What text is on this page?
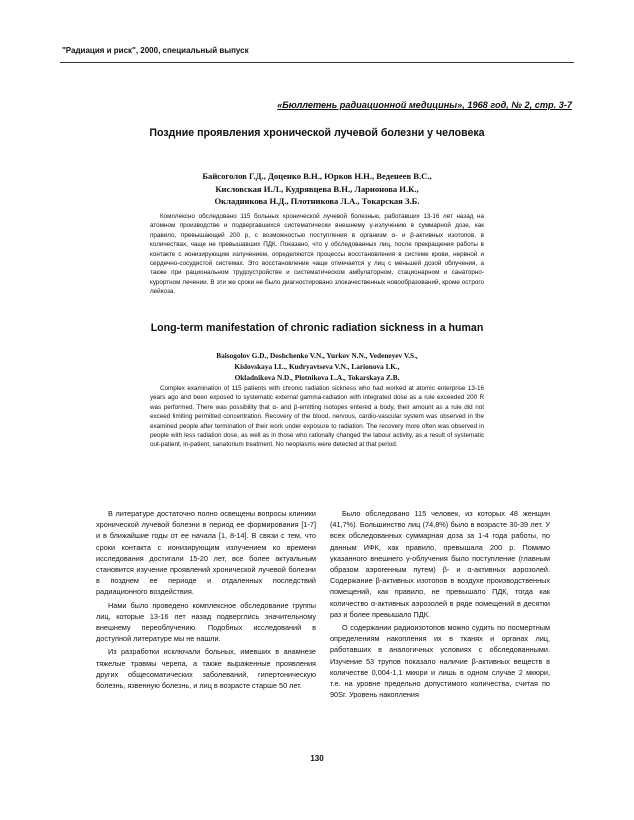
"Радиация и риск", 2000, специальный выпуск
«Бюллетень радиационной медицины», 1968 год, № 2, стр. 3-7
Поздние проявления хронической лучевой болезни у человека
Байсоголов Г.Д., Доценко В.Н., Юрков Н.Н., Веденеев В.С.,
Кисловская И.Л., Кудрявцева В.Н., Ларионова И.К.,
Окладникова Н.Д., Плотникова Л.А., Токарская З.Б.
Комплексно обследовано 115 больных хронической лучевой болезнью, работавших 13-16 лет назад на атомном производстве и подвергавшихся систематически внешнему γ-излучению в суммарной дозе, как правило, превышающей 200 р, с возможностью поступления в организм α- и β-активных изотопов, в количествах, чаще не превышавших ПДК. Показано, что у обследованных лиц, после прекращения работы в контакте с ионизирующим излучением, определяются процессы восстановления в системе крови, нервной и сердечно-сосудистой системах. Это восстановление чаще отмечается у лиц с меньшей дозой облучения, а также при рациональном трудоустройстве и систематическом амбулаторном, стационарном и санаторно-курортном лечении. В эти же сроки не было диагностировано злокачественных новообразований, кроме острого лейкоза.
Long-term manifestation of chronic radiation sickness in a human
Baisogolov G.D., Doshchenko V.N., Yurkov N.N., Vedeneyev V.S.,
Kislovskaya I.L., Kudryavtseva V.N., Larionova I.K.,
Okladnikova N.D., Plotnikova L.A., Tokarskaya Z.B.
Complex examination of 115 patients with chronic radiation sickness who had worked at atomic enterprise 13-16 years ago and been exposed to systematic external gamma-radiation with integrated dose as a rule exceeded 200 R was performed. There was possibility that α- and β-emitting isotopes entered a body, their amount as a rule did not exceed limiting permitted concentration. Recovery of the blood, nervous, cardio-vascular system was observed in the examined people after termination of their work under exposure to radiation. The recovery more often was observed in people with less radiation dose, as well as in those who rationally changed the labour activity, as a result of systematic out-patient, in-patient, sanatorium treatment. No neoplasms were detected at that period.

В литературе достаточно полно освещены вопросы клиники хронической лучевой болезни в период ее формирования [1-7] и в ближайшие годы от ее начала [1, 8-14]. В связи с тем, что сроки контакта с ионизирующим излучением ко времени исследования достигали 15-20 лет, все более актуальным становится изучение проявлений хронической лучевой болезни в позднем ее периоде и отдаленных последствий радиационного воздействия.

Нами было проведено комплексное обследование группы лиц, которые 13-16 лет назад подверглись значительному внешнему переоблучению. Подобных исследований в доступной литературе мы не нашли.

Из разработки исключали больных, имевших в анамнезе тяжелые травмы черепа, а также выраженные проявления других общесоматических заболеваний, гипертоническую болезнь, язвенную болезнь, и лиц в возрасте старше 50 лет.

Было обследовано 115 человек, из которых 48 женщин (41,7%). Большинство лиц (74,8%) было в возрасте 30-39 лет. У всех обследованных суммарная доза за 1-4 года работы, по данным ИФК, как правило, превышала 200 р. Помимо указанного внешнего γ-облучения было поступление (главным образом аэрогенным путем) β- и α-активных аэрозолей. Содержание β-активных изотопов в воздухе производственных помещений, как правило, не превышало ПДК, тогда как количество α-активных аэрозолей в ряде помещений в десятки раз и более превышало ПДК.

О содержании радиоизотопов можно судить по посмертным определениям накопления их в тканях и органах лиц, работавших в аналогичных условиях с обследованными. Изучение 53 трупов показало наличие β-активных веществ в количестве 0,004-1,1 мкюри и лишь в одном случае 2 мкюри, т.е. на уровне предельно допустимого количества, считая по 90Sr. Уровень накопления

130
